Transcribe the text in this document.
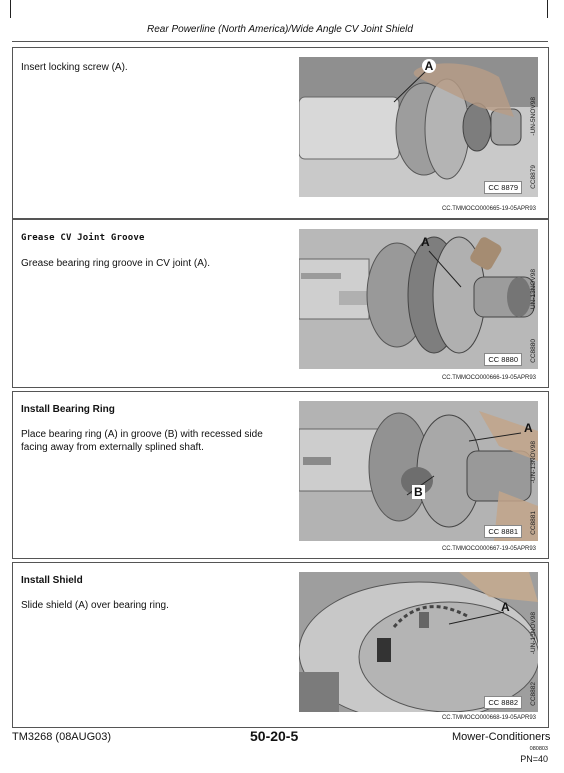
Rear Powerline (North America)/Wide Angle CV Joint Shield
Insert locking screw (A).	A
CC 8879
-UN-5NOV98
CC8879
CC.TMMOCO000665-19-05APR93
Grease CV Joint Groove
Grease bearing ring groove in CV joint (A).
A
CC 8880
-UN-13NOV98
CC8880
CC.TMMOCO000666-19-05APR93
Install Bearing Ring
Place bearing ring (A) in groove (B) with recessed side facing away from externally splined shaft.
A
B
CC 8881
-UN-13NOV98
CC8881
CC.TMMOCO000667-19-05APR93
Install Shield
Slide shield (A) over bearing ring.	A
CC 8882
-UN-13NOV98
CC8882
CC.TMMOCO000668-19-05APR93
TM3268 (08AUG03)	50-20-5	Mower-Conditioners
080803
PN=40
